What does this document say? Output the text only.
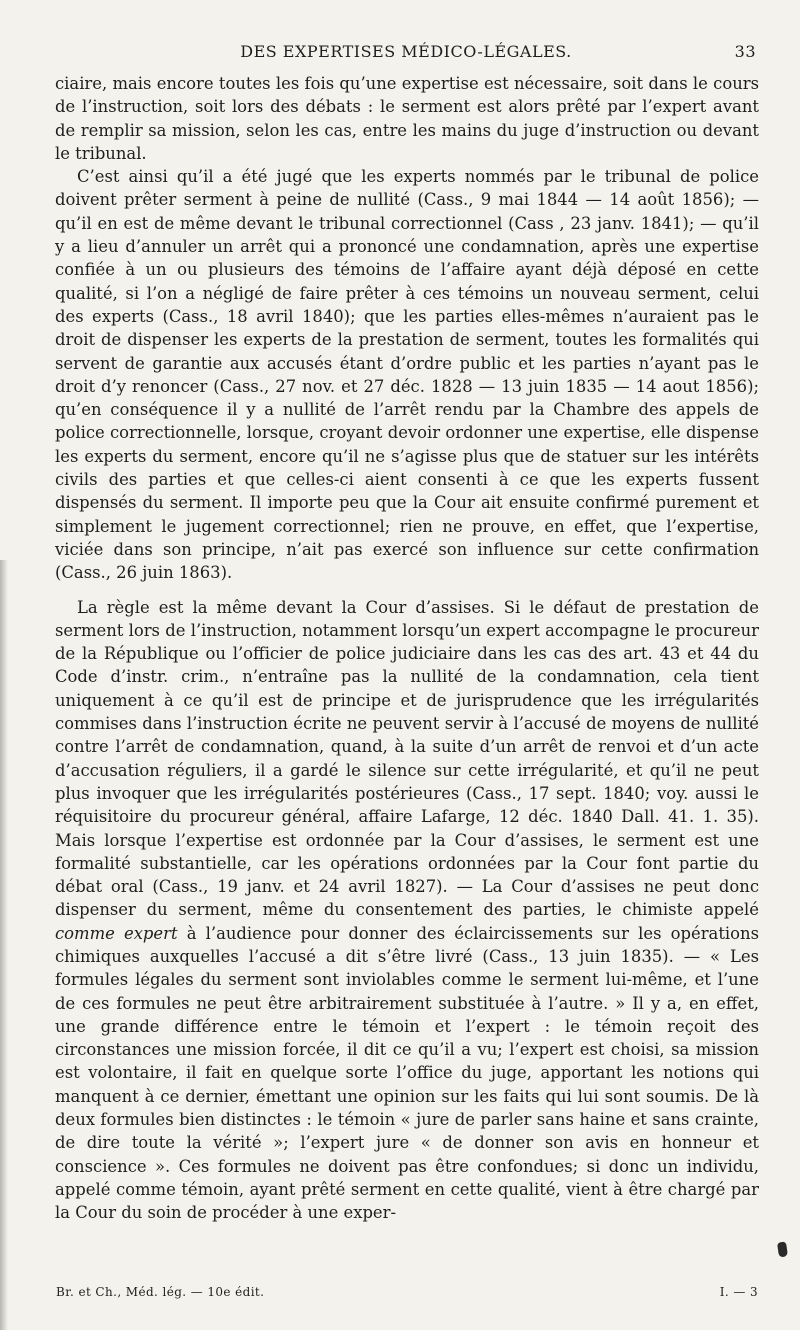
DES EXPERTISES MÉDICO-LÉGALES.	33

ciaire, mais encore toutes les fois qu’une expertise est nécessaire, soit dans le cours de l’instruction, soit lors des débats : le serment est alors prêté par l’expert avant de remplir sa mission, selon les cas, entre les mains du juge d’instruction ou devant le tribunal.

C’est ainsi qu’il a été jugé que les experts nommés par le tribunal de police doivent prêter serment à peine de nullité (Cass., 9 mai 1844 — 14 août 1856); — qu’il en est de même devant le tribunal correctionnel (Cass , 23 janv. 1841); — qu’il y a lieu d’annuler un arrêt qui a prononcé une condamnation, après une expertise confiée à un ou plusieurs des témoins de l’affaire ayant déjà déposé en cette qualité, si l’on a négligé de faire prêter à ces témoins un nouveau serment, celui des experts (Cass., 18 avril 1840); que les parties elles-mêmes n’auraient pas le droit de dispenser les experts de la prestation de serment, toutes les formalités qui servent de garantie aux accusés étant d’ordre public et les parties n’ayant pas le droit d’y renoncer (Cass., 27 nov. et 27 déc. 1828 — 13 juin 1835 — 14 aout 1856); qu’en conséquence il y a nullité de l’arrêt rendu par la Chambre des appels de police correctionnelle, lorsque, croyant devoir ordonner une expertise, elle dispense les experts du serment, encore qu’il ne s’agisse plus que de statuer sur les intérêts civils des parties et que celles-ci aient consenti à ce que les experts fussent dispensés du serment. Il importe peu que la Cour ait ensuite confirmé purement et simplement le jugement correctionnel; rien ne prouve, en effet, que l’expertise, viciée dans son principe, n’ait pas exercé son influence sur cette confirmation (Cass., 26 juin 1863).

La règle est la même devant la Cour d’assises. Si le défaut de prestation de serment lors de l’instruction, notamment lorsqu’un expert accompagne le procureur de la République ou l’officier de police judiciaire dans les cas des art. 43 et 44 du Code d’instr. crim., n’entraîne pas la nullité de la condamnation, cela tient uniquement à ce qu’il est de principe et de jurisprudence que les irrégularités commises dans l’instruction écrite ne peuvent servir à l’accusé de moyens de nullité contre l’arrêt de condamnation, quand, à la suite d’un arrêt de renvoi et d’un acte d’accusation réguliers, il a gardé le silence sur cette irrégularité, et qu’il ne peut plus invoquer que les irrégularités postérieures (Cass., 17 sept. 1840; voy. aussi le réquisitoire du procureur général, affaire Lafarge, 12 déc. 1840 Dall. 41. 1. 35). Mais lorsque l’expertise est ordonnée par la Cour d’assises, le serment est une formalité substantielle, car les opérations ordonnées par la Cour font partie du débat oral (Cass., 19 janv. et 24 avril 1827). — La Cour d’assises ne peut donc dispenser du serment, même du consentement des parties, le chimiste appelé comme expert à l’audience pour donner des éclaircissements sur les opérations chimiques auxquelles l’accusé a dit s’être livré (Cass., 13 juin 1835). — « Les formules légales du serment sont inviolables comme le serment lui-même, et l’une de ces formules ne peut être arbitrairement substituée à l’autre. » Il y a, en effet, une grande différence entre le témoin et l’expert : le témoin reçoit des circonstances une mission forcée, il dit ce qu’il a vu; l’expert est choisi, sa mission est volontaire, il fait en quelque sorte l’office du juge, apportant les notions qui manquent à ce dernier, émettant une opinion sur les faits qui lui sont soumis. De là deux formules bien distinctes : le témoin « jure de parler sans haine et sans crainte, de dire toute la vérité »; l’expert jure « de donner son avis en honneur et conscience ». Ces formules ne doivent pas être confondues; si donc un individu, appelé comme témoin, ayant prêté serment en cette qualité, vient à être chargé par la Cour du soin de procéder à une exper-

Br. et Ch., Méd. lég. — 10e édit.	I. — 3
